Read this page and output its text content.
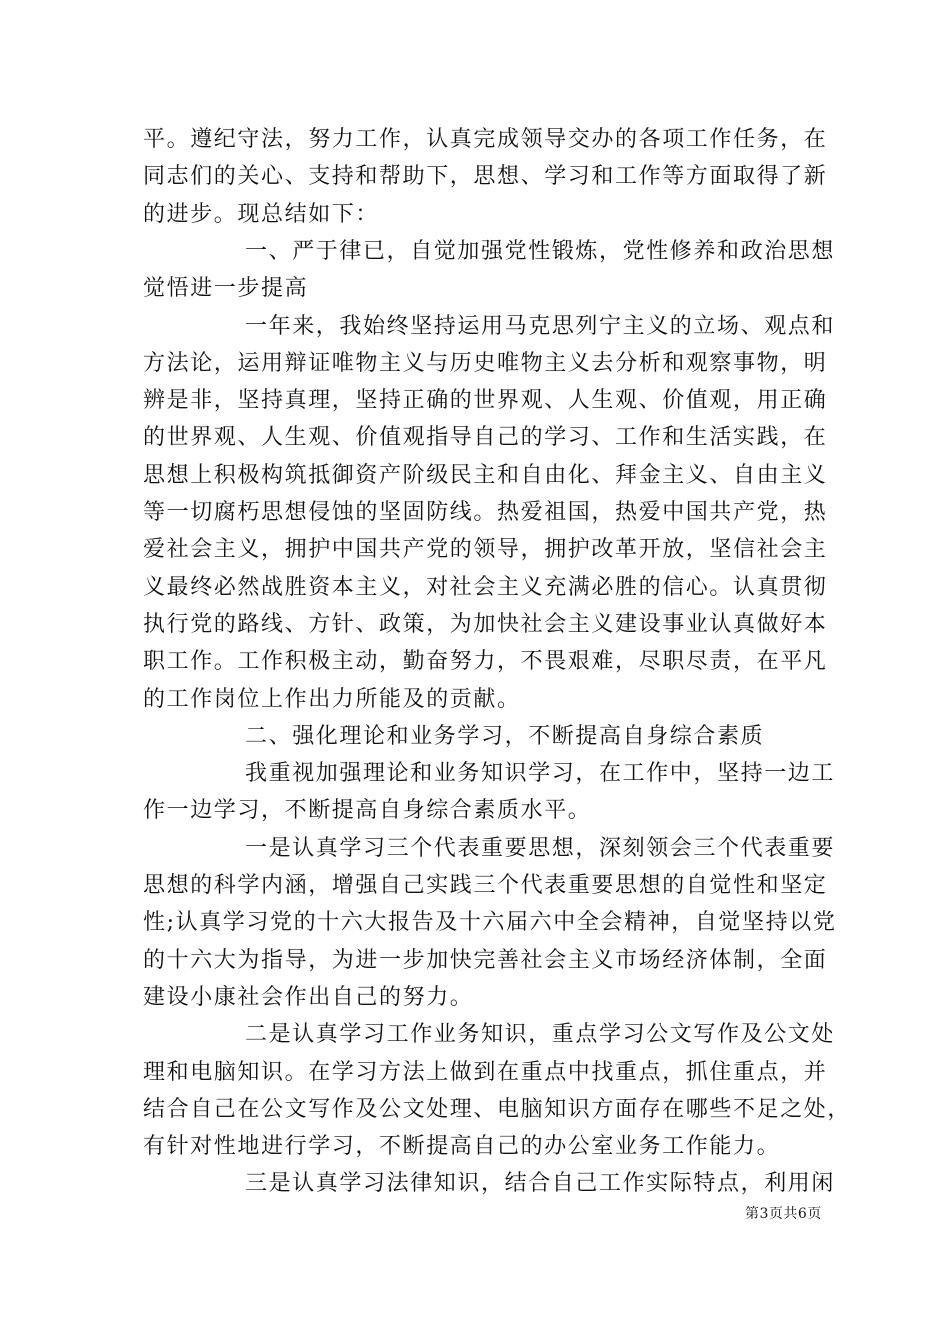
平。遵纪守法，努力工作，认真完成领导交办的各项工作任务，在
同志们的关心、支持和帮助下，思想、学习和工作等方面取得了新
的进步。现总结如下：
一、严于律已，自觉加强党性锻炼，党性修养和政治思想
觉悟进一步提高
一年来，我始终坚持运用马克思列宁主义的立场、观点和
方法论，运用辩证唯物主义与历史唯物主义去分析和观察事物，明
辨是非，坚持真理，坚持正确的世界观、人生观、价值观，用正确
的世界观、人生观、价值观指导自己的学习、工作和生活实践，在
思想上积极构筑抵御资产阶级民主和自由化、拜金主义、自由主义
等一切腐朽思想侵蚀的坚固防线。热爱祖国，热爱中国共产党，热
爱社会主义，拥护中国共产党的领导，拥护改革开放，坚信社会主
义最终必然战胜资本主义，对社会主义充满必胜的信心。认真贯彻
执行党的路线、方针、政策，为加快社会主义建设事业认真做好本
职工作。工作积极主动，勤奋努力，不畏艰难，尽职尽责，在平凡
的工作岗位上作出力所能及的贡献。
二、强化理论和业务学习，不断提高自身综合素质
我重视加强理论和业务知识学习，在工作中，坚持一边工
作一边学习，不断提高自身综合素质水平。
一是认真学习三个代表重要思想，深刻领会三个代表重要
思想的科学内涵，增强自己实践三个代表重要思想的自觉性和坚定
性;认真学习党的十六大报告及十六届六中全会精神，自觉坚持以党
的十六大为指导，为进一步加快完善社会主义市场经济体制，全面
建设小康社会作出自己的努力。
二是认真学习工作业务知识，重点学习公文写作及公文处
理和电脑知识。在学习方法上做到在重点中找重点，抓住重点，并
结合自己在公文写作及公文处理、电脑知识方面存在哪些不足之处，
有针对性地进行学习，不断提高自己的办公室业务工作能力。
三是认真学习法律知识，结合自己工作实际特点，利用闲
第3页共6页
